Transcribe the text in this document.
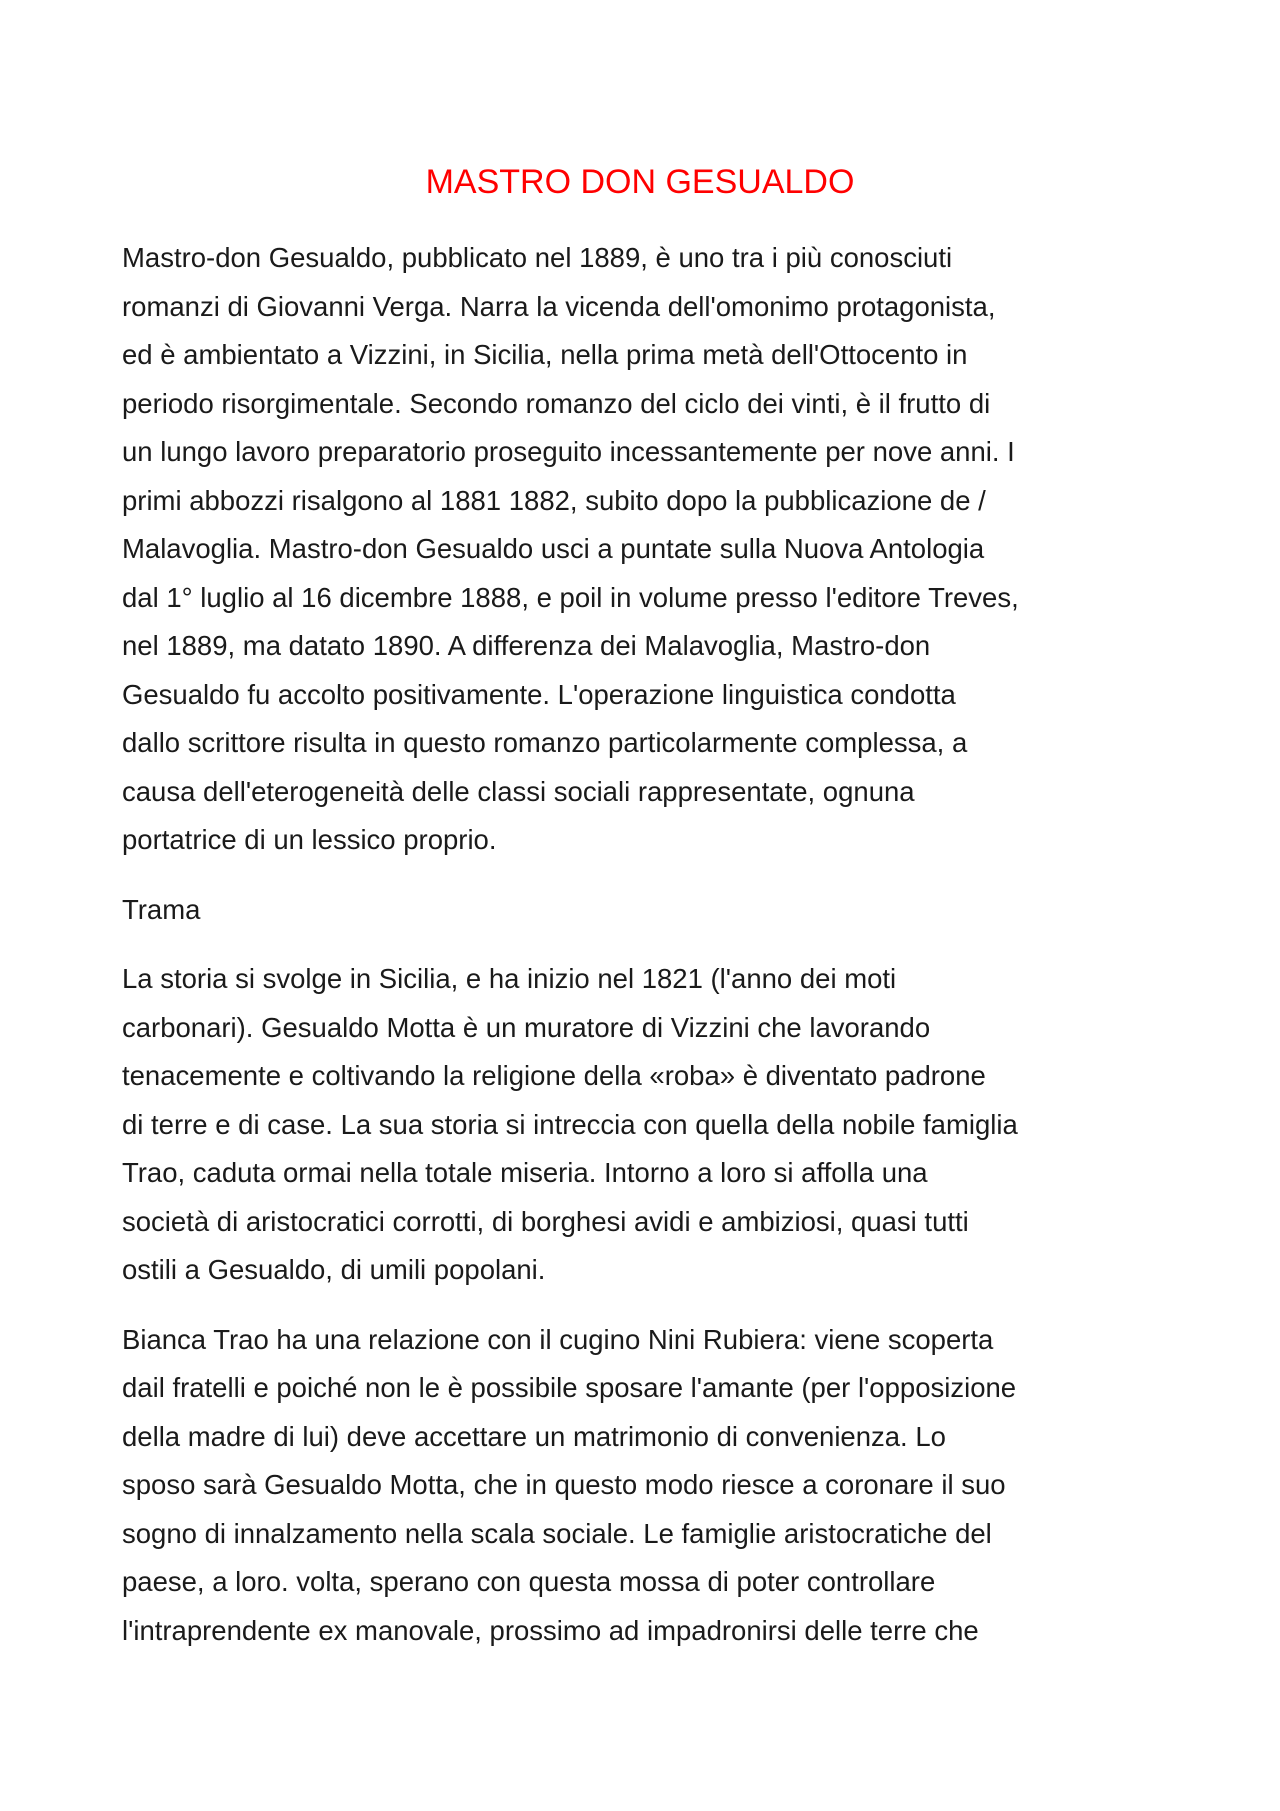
MASTRO DON GESUALDO

Mastro-don Gesualdo, pubblicato nel 1889, è uno tra i più conosciuti
romanzi di Giovanni Verga. Narra la vicenda dell'omonimo protagonista,
ed è ambientato a Vizzini, in Sicilia, nella prima metà dell'Ottocento in
periodo risorgimentale. Secondo romanzo del ciclo dei vinti, è il frutto di
un lungo lavoro preparatorio proseguito incessantemente per nove anni. I
primi abbozzi risalgono al 1881 1882, subito dopo la pubblicazione de /
Malavoglia. Mastro-don Gesualdo usci a puntate sulla Nuova Antologia
dal 1° luglio al 16 dicembre 1888, e poil in volume presso l'editore Treves,
nel 1889, ma datato 1890. A differenza dei Malavoglia, Mastro-don
Gesualdo fu accolto positivamente. L'operazione linguistica condotta
dallo scrittore risulta in questo romanzo particolarmente complessa, a
causa dell'eterogeneità delle classi sociali rappresentate, ognuna
portatrice di un lessico proprio.

Trama

La storia si svolge in Sicilia, e ha inizio nel 1821 (l'anno dei moti
carbonari). Gesualdo Motta è un muratore di Vizzini che lavorando
tenacemente e coltivando la religione della «roba» è diventato padrone
di terre e di case. La sua storia si intreccia con quella della nobile famiglia
Trao, caduta ormai nella totale miseria. Intorno a loro si affolla una
società di aristocratici corrotti, di borghesi avidi e ambiziosi, quasi tutti
ostili a Gesualdo, di umili popolani.

Bianca Trao ha una relazione con il cugino Nini Rubiera: viene scoperta
dail fratelli e poiché non le è possibile sposare l'amante (per l'opposizione
della madre di lui) deve accettare un matrimonio di convenienza. Lo
sposo sarà Gesualdo Motta, che in questo modo riesce a coronare il suo
sogno di innalzamento nella scala sociale. Le famiglie aristocratiche del
paese, a loro. volta, sperano con questa mossa di poter controllare
l'intraprendente ex manovale, prossimo ad impadronirsi delle terre che
